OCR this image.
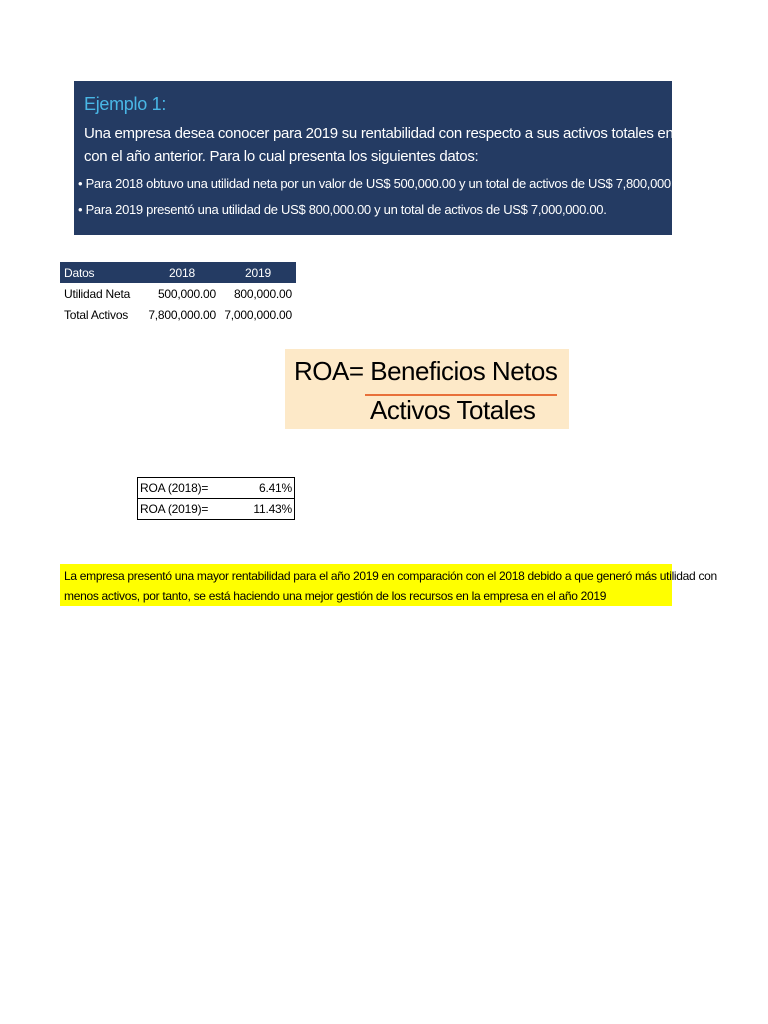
Ejemplo 1:
Una empresa desea conocer para 2019 su rentabilidad con respecto a sus activos totales en comparación
con el año anterior. Para lo cual presenta los siguientes datos:
• Para 2018 obtuvo una utilidad neta por un valor de US$ 500,000.00 y un total de activos de US$ 7,800,000.00.
• Para 2019 presentó una utilidad de US$ 800,000.00 y un total de activos de US$ 7,000,000.00.
Datos	2018	2019
Utilidad Neta	500,000.00	800,000.00
Total Activos	7,800,000.00	7,000,000.00
ROA= Beneficios Netos
Activos Totales
ROA (2018)=	6.41%
ROA (2019)=	11.43%
La empresa presentó una mayor rentabilidad para el año 2019 en comparación con el 2018 debido a que generó más utilidad con
menos activos, por tanto, se está haciendo una mejor gestión de los recursos en la empresa en el año 2019
